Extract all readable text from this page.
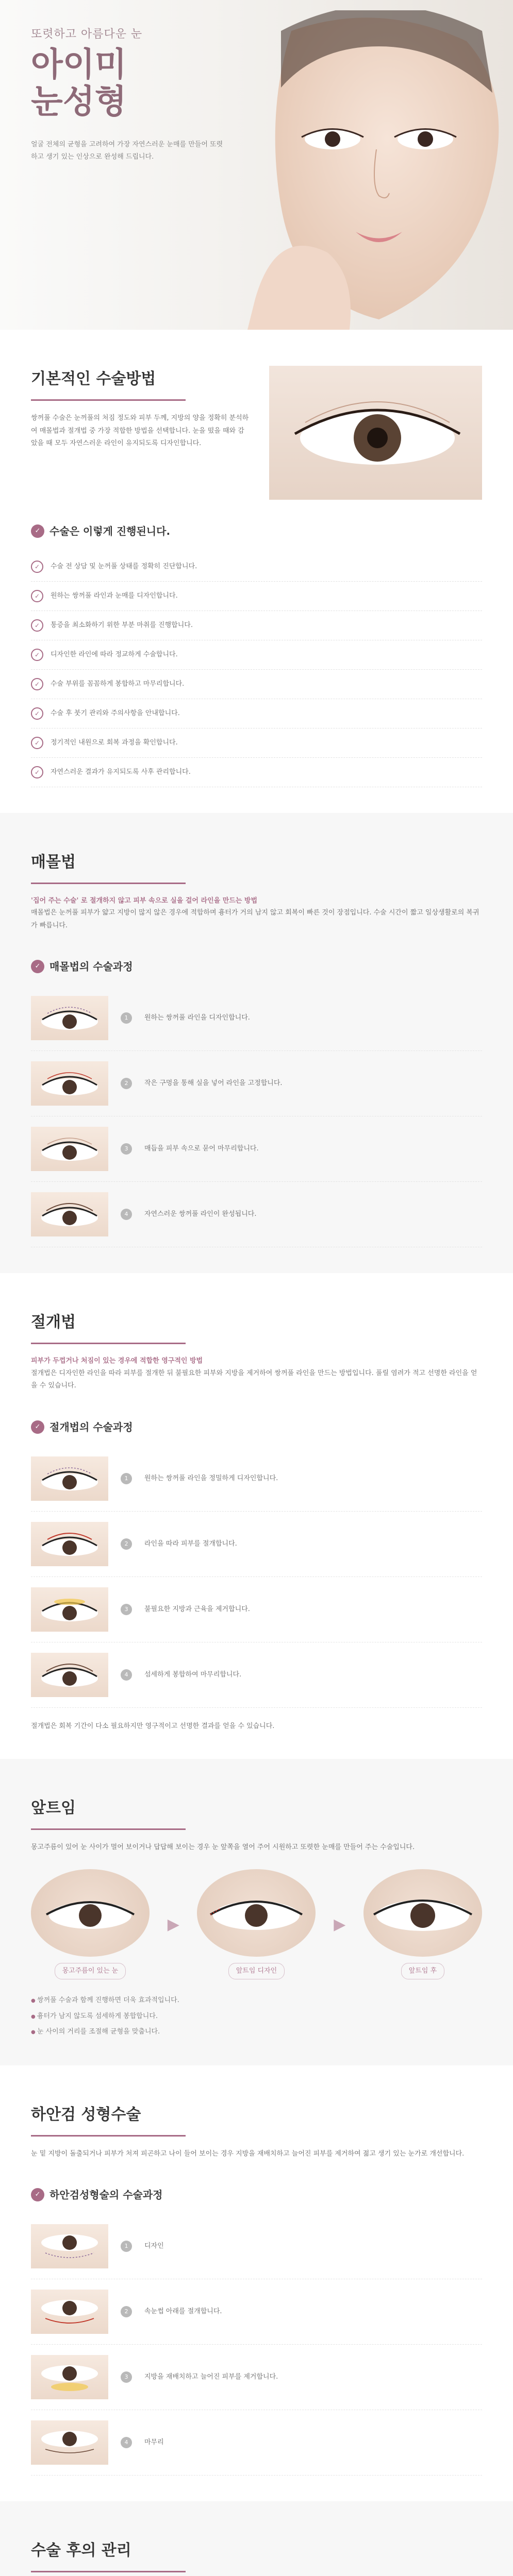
또렷하고 아름다운 눈
아이미
눈성형

얼굴 전체의 균형을 고려하여 가장 자연스러운 눈매를 만들어 또렷하고 생기 있는 인상으로 완성해 드립니다.

기본적인 수술방법

쌍꺼풀 수술은 눈꺼풀의 처짐 정도와 피부 두께, 지방의 양을 정확히 분석하여 매몰법과 절개법 중 가장 적합한 방법을 선택합니다. 눈을 떴을 때와 감았을 때 모두 자연스러운 라인이 유지되도록 디자인합니다.

✓ 수술은 이렇게 진행된니다.
✓	수술 전 상담 및 눈꺼풀 상태를 정확히 진단합니다.
✓	원하는 쌍꺼풀 라인과 눈매를 디자인합니다.
✓	통증을 최소화하기 위한 부분 마취를 진행합니다.
✓	디자인한 라인에 따라 정교하게 수술합니다.
✓	수술 부위를 꼼꼼하게 봉합하고 마무리합니다.
✓	수술 후 붓기 관리와 주의사항을 안내합니다.
✓	정기적인 내원으로 회복 과정을 확인합니다.
✓	자연스러운 결과가 유지되도록 사후 관리합니다.
매몰법

'집어 주는 수술' 로 절개하지 않고 피부 속으로 실을 걸어 라인을 만드는 방법

매몰법은 눈꺼풀 피부가 얇고 지방이 많지 않은 경우에 적합하며 흉터가 거의 남지 않고 회복이 빠른 것이 장점입니다. 수술 시간이 짧고 일상생활로의 복귀가 빠릅니다.

✓ 매몰법의 수술과정
1	원하는 쌍꺼풀 라인을 디자인합니다.
2	작은 구멍을 통해 실을 넣어 라인을 고정합니다.
3	매듭을 피부 속으로 묻어 마무리합니다.
4	자연스러운 쌍꺼풀 라인이 완성됩니다.
절개법

피부가 두껍거나 처짐이 있는 경우에 적합한 영구적인 방법

절개법은 디자인한 라인을 따라 피부를 절개한 뒤 불필요한 피부와 지방을 제거하여 쌍꺼풀 라인을 만드는 방법입니다. 풀릴 염려가 적고 선명한 라인을 얻을 수 있습니다.

✓ 절개법의 수술과정
1	원하는 쌍꺼풀 라인을 정밀하게 디자인합니다.
2	라인을 따라 피부를 절개합니다.
3	불필요한 지방과 근육을 제거합니다.
4	섬세하게 봉합하여 마무리합니다.

절개법은 회복 기간이 다소 필요하지만 영구적이고 선명한 결과를 얻을 수 있습니다.

앞트임

몽고주름이 있어 눈 사이가 멀어 보이거나 답답해 보이는 경우 눈 앞쪽을 열어 주어 시원하고 또렷한 눈매를 만들어 주는 수술입니다.

몽고주름이 있는 눈
▶
앞트임 디자인
▶
앞트임 후
● 쌍꺼풀 수술과 함께 진행하면 더욱 효과적입니다.
● 흉터가 남지 않도록 섬세하게 봉합합니다.
● 눈 사이의 거리를 조절해 균형을 맞춥니다.
하안검 성형수술

눈 밑 지방이 돌출되거나 피부가 처져 피곤하고 나이 들어 보이는 경우 지방을 재배치하고 늘어진 피부를 제거하여 젊고 생기 있는 눈가로 개선합니다.

✓ 하안검성형술의 수술과정
1	디자인
2	속눈썹 아래를 절개합니다.
3	지방을 재배치하고 늘어진 피부를 제거합니다.
4	마무리
수술 후의 관리
